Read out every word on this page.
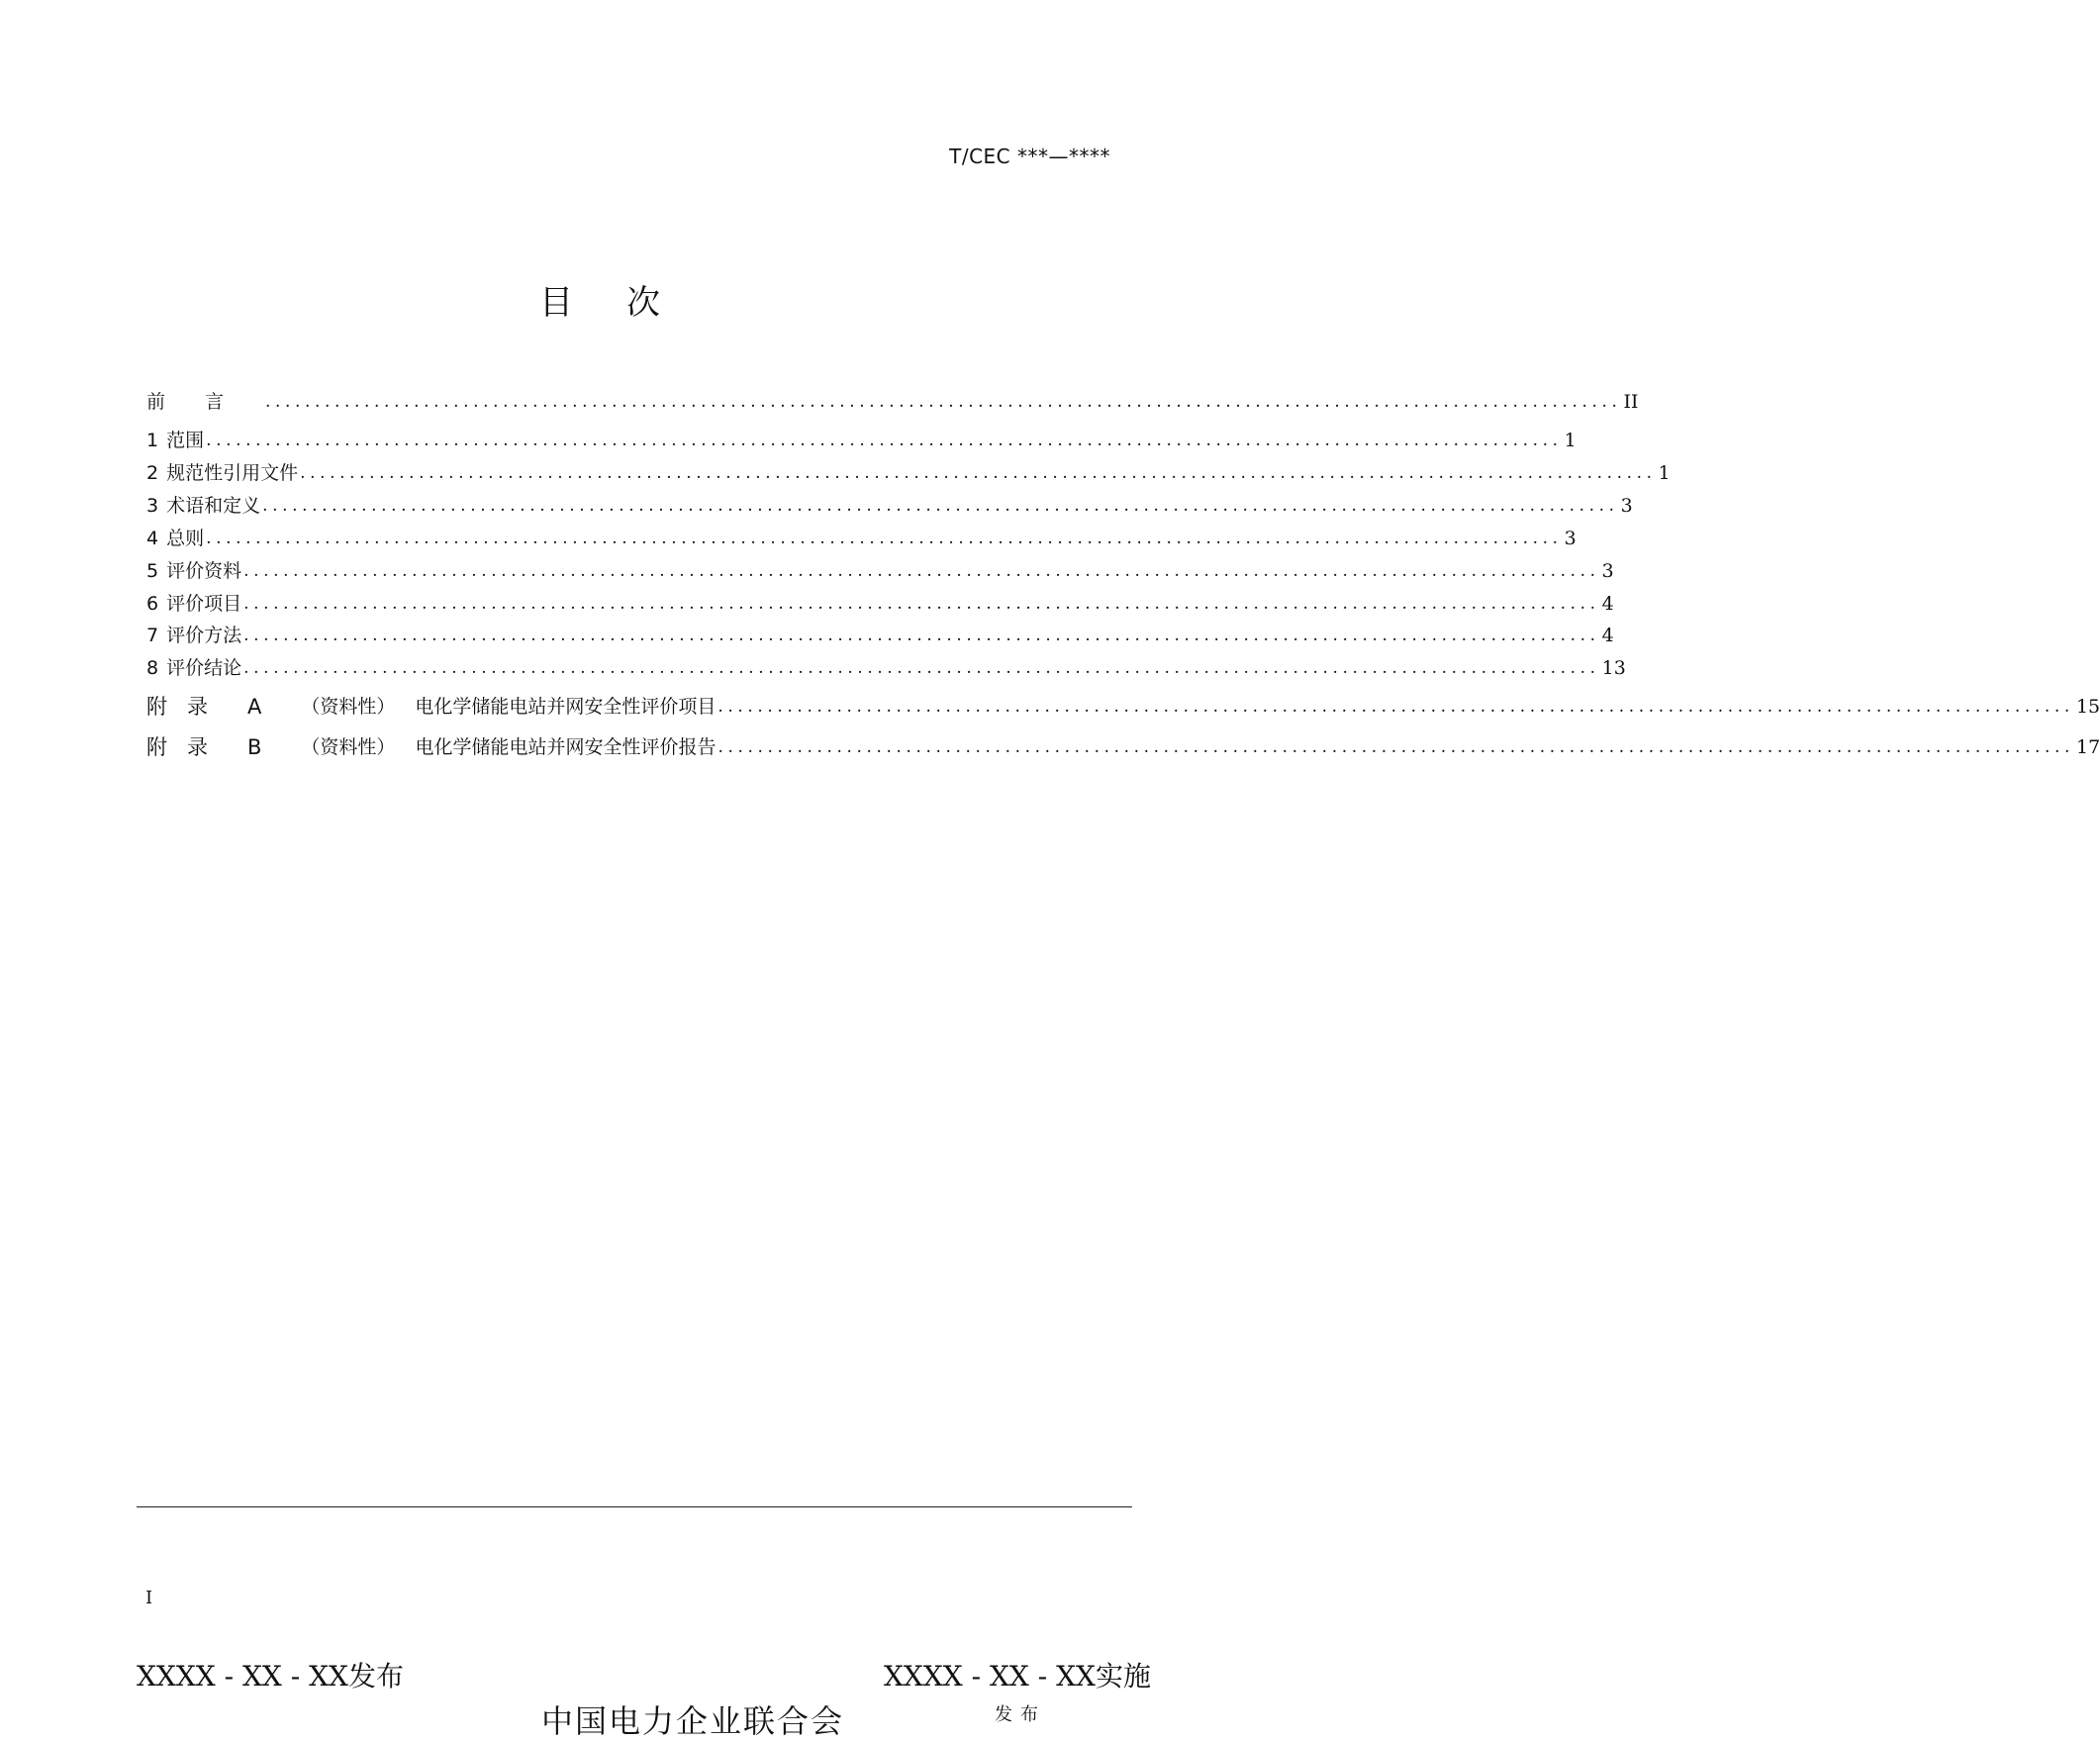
T/CEC ***—****
目次
前言 ......................................................................................................................................... II
1 范围 ......................................................................................................................................... 1
2 规范性引用文件 ......................................................................................................................................... 1
3 术语和定义 ......................................................................................................................................... 3
4 总则 ......................................................................................................................................... 3
5 评价资料 ......................................................................................................................................... 3
6 评价项目 ......................................................................................................................................... 4
7 评价方法 ......................................................................................................................................... 4
8 评价结论 ......................................................................................................................................... 13
附录 A （资料性） 电化学储能电站并网安全性评价项目 ......................................................................................................................................... 15
附录 B （资料性） 电化学储能电站并网安全性评价报告 ......................................................................................................................................... 17
I
XXXX - XX - XX发布	XXXX - XX - XX实施
中国电力企业联合会	发布
